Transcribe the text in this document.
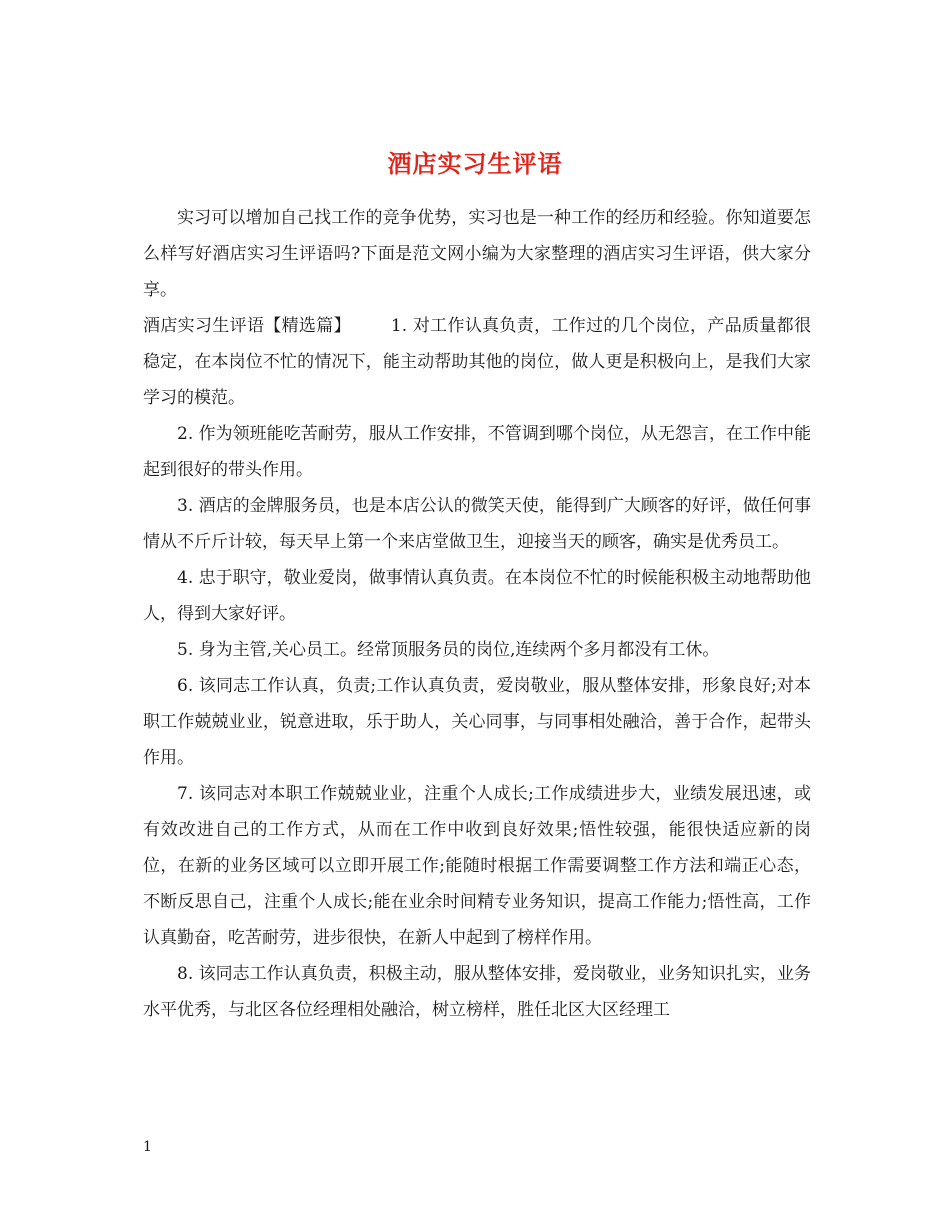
酒店实习生评语

实习可以增加自己找工作的竞争优势，实习也是一种工作的经历和经验。你知道要怎么样写好酒店实习生评语吗?下面是范文网小编为大家整理的酒店实习生评语，供大家分享。

酒店实习生评语【精选篇】 1. 对工作认真负责，工作过的几个岗位，产品质量都很稳定，在本岗位不忙的情况下，能主动帮助其他的岗位，做人更是积极向上，是我们大家学习的模范。

2. 作为领班能吃苦耐劳，服从工作安排，不管调到哪个岗位，从无怨言，在工作中能起到很好的带头作用。

3. 酒店的金牌服务员，也是本店公认的微笑天使，能得到广大顾客的好评，做任何事情从不斤斤计较，每天早上第一个来店堂做卫生，迎接当天的顾客，确实是优秀员工。

4. 忠于职守，敬业爱岗，做事情认真负责。在本岗位不忙的时候能积极主动地帮助他人，得到大家好评。

5. 身为主管,关心员工。经常顶服务员的岗位,连续两个多月都没有工休。

6. 该同志工作认真，负责;工作认真负责，爱岗敬业，服从整体安排，形象良好;对本职工作兢兢业业，锐意进取，乐于助人，关心同事，与同事相处融洽，善于合作，起带头作用。

7. 该同志对本职工作兢兢业业，注重个人成长;工作成绩进步大，业绩发展迅速，或有效改进自己的工作方式，从而在工作中收到良好效果;悟性较强，能很快适应新的岗位，在新的业务区域可以立即开展工作;能随时根据工作需要调整工作方法和端正心态，不断反思自己，注重个人成长;能在业余时间精专业务知识，提高工作能力;悟性高，工作认真勤奋，吃苦耐劳，进步很快，在新人中起到了榜样作用。

8. 该同志工作认真负责，积极主动，服从整体安排，爱岗敬业，业务知识扎实，业务水平优秀，与北区各位经理相处融洽，树立榜样，胜任北区大区经理工

1
